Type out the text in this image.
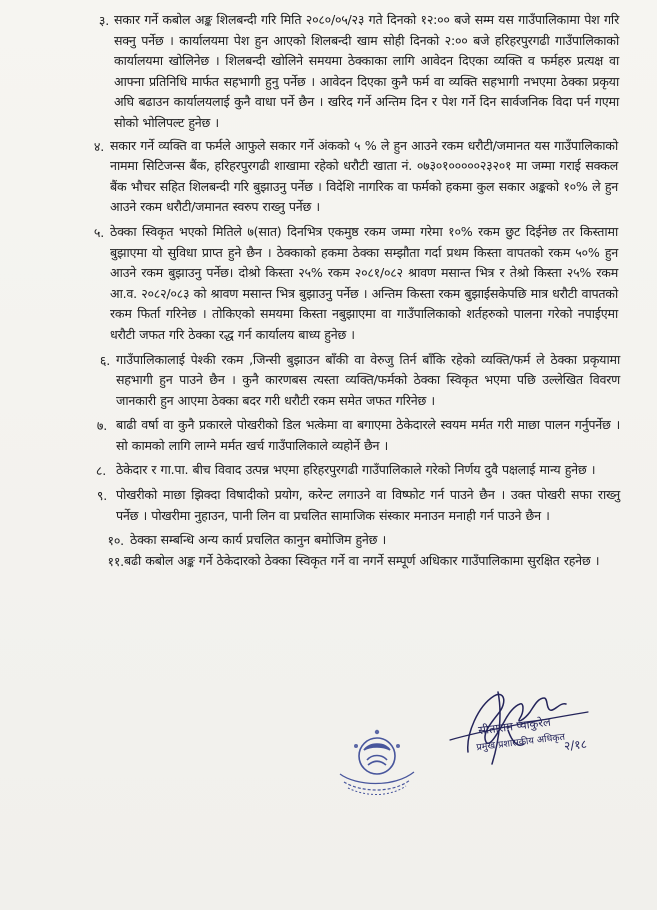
३. सकार गर्ने कबोल अङ्क शिलबन्दी गरि मिति २०८०/०५/२३ गते दिनको १२:०० बजे सम्म यस गाउँपालिकामा पेश गरि सक्नु पर्नेछ । कार्यालयमा पेश हुन आएको शिलबन्दी खाम सोही दिनको २:०० बजे हरिहरपुरगढी गाउँपालिकाको कार्यालयमा खोलिनेछ । शिलबन्दी खोलिने समयमा ठेक्काका लागि आवेदन दिएका व्यक्ति व फर्महरु प्रत्यक्ष वा आफ्ना प्रतिनिधि मार्फत सहभागी हुनु पर्नेछ । आवेदन दिएका कुनै फर्म वा व्यक्ति सहभागी नभएमा ठेक्का प्रकृया अघि बढाउन कार्यालयलाई कुनै वाधा पर्ने छैन । खरिद गर्ने अन्तिम दिन र पेश गर्ने दिन सार्वजनिक विदा पर्न गएमा सोको भोलिपल्ट हुनेछ ।
४. सकार गर्ने व्यक्ति वा फर्मले आफुले सकार गर्ने अंकको ५ % ले हुन आउने रकम धरौटी/जमानत यस गाउँपालिकाको नाममा सिटिजन्स बैंक, हरिहरपुरगढी शाखामा रहेको धरौटी खाता नं. ०७३०१०००००२३२०१ मा जम्मा गराई सक्कल बैंक भौचर सहित शिलबन्दी गरि बुझाउनु पर्नेछ । विदेशि नागरिक वा फर्मको हकमा कुल सकार अङ्कको १०% ले हुन आउने रकम धरौटी/जमानत स्वरुप राख्नु पर्नेछ ।
५. ठेक्का स्विकृत भएको मितिले ७(सात) दिनभित्र एकमुष्ठ रकम जम्मा गरेमा १०% रकम छुट दिईनेछ तर किस्तामा बुझाएमा यो सुविधा प्राप्त हुने छैन । ठेक्काको हकमा ठेक्का सम्झौता गर्दा प्रथम किस्ता वापतको रकम ५०% हुन आउने रकम बुझाउनु पर्नेछ। दोश्रो किस्ता २५% रकम २०८१/०८२ श्रावण मसान्त भित्र र तेश्रो किस्ता २५% रकम आ.व. २०८२/०८३ को श्रावण मसान्त भित्र बुझाउनु पर्नेछ । अन्तिम किस्ता रकम बुझाईसकेपछि मात्र धरौटी वापतको रकम फिर्ता गरिनेछ । तोकिएको समयमा किस्ता नबुझाएमा वा गाउँपालिकाको शर्तहरुको पालना गरेको नपाईएमा धरौटी जफत गरि ठेक्का रद्ध गर्न कार्यालय बाध्य हुनेछ ।
६. गाउँपालिकालाई पेश्की रकम ,जिन्सी बुझाउन बाँकी वा वेरुजु तिर्न बाँकि रहेको व्यक्ति/फर्म ले ठेक्का प्रकृयामा सहभागी हुन पाउने छैन । कुनै कारणबस त्यस्ता व्यक्ति/फर्मको ठेक्का स्विकृत भएमा पछि उल्लेखित विवरण जानकारी हुन आएमा ठेक्का बदर गरी धरौटी रकम समेत जफत गरिनेछ ।
७. बाढी वर्षा वा कुनै प्रकारले पोखरीको डिल भत्केमा वा बगाएमा ठेकेदारले स्वयम मर्मत गरी माछा पालन गर्नुपर्नेछ । सो कामको लागि लाग्ने मर्मत खर्च गाउँपालिकाले व्यहोर्ने छैन ।
८. ठेकेदार र गा.पा. बीच विवाद उत्पन्न भएमा हरिहरपुरगढी गाउँपालिकाले गरेको निर्णय दुवै पक्षलाई मान्य हुनेछ ।
९. पोखरीको माछा झिक्दा विषादीको प्रयोग, करेन्ट लगाउने वा विष्फोट गर्न पाउने छैन । उक्त पोखरी सफा राख्नु पर्नेछ । पोखरीमा नुहाउन, पानी लिन वा प्रचलित सामाजिक संस्कार मनाउन मनाही गर्न पाउने छैन ।
१०. ठेक्का सम्बन्धि अन्य कार्य प्रचलित कानुन बमोजिम हुनेछ ।
११. बढी कबोल अङ्क गर्ने ठेकेदारको ठेक्का स्विकृत गर्ने वा नगर्ने सम्पूर्ण अधिकार गाउँपालिकामा सुरक्षित रहनेछ ।
सीताराम प्याकुरेल
प्रमुख प्रशासकीय अधिकृत
२/१८
